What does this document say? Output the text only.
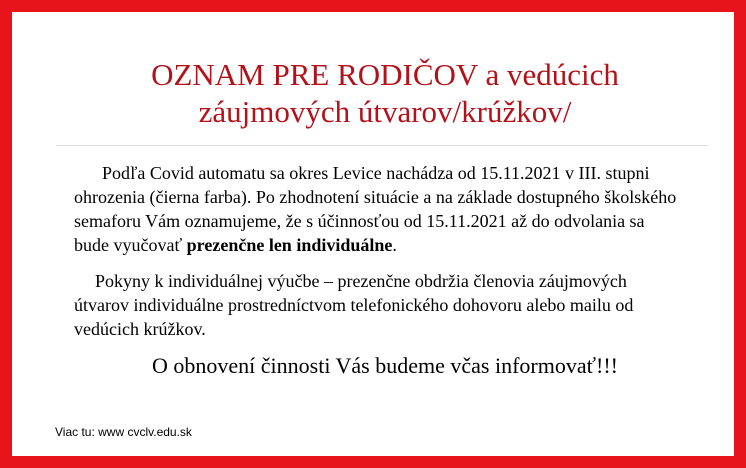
OZNAM PRE RODIČOV a vedúcich
záujmových útvarov/krúžkov/
Podľa Covid automatu sa okres Levice nachádza od 15.11.2021 v III. stupni
ohrozenia (čierna farba). Po zhodnotení situácie a na základe dostupného školského
semaforu Vám oznamujeme, že s účinnosťou od 15.11.2021 až do odvolania sa
bude vyučovať prezenčne len individuálne.
Pokyny k individuálnej výučbe – prezenčne obdržia členovia záujmových
útvarov individuálne prostredníctvom telefonického dohovoru alebo mailu od
vedúcich krúžkov.
O obnovení činnosti Vás budeme včas informovať!!!
Viac tu: www cvclv.edu.sk
